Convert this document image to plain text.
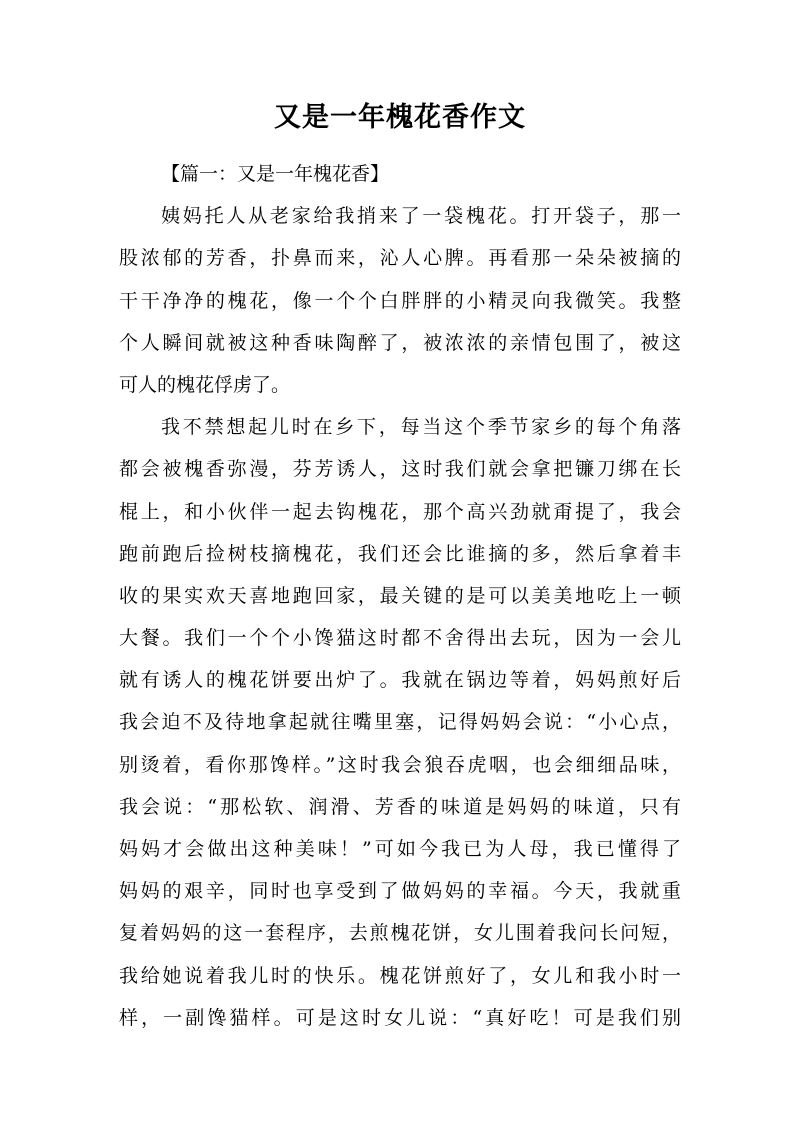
又是一年槐花香作文
【篇一：又是一年槐花香】
姨妈托人从老家给我捎来了一袋槐花。打开袋子，那一
股浓郁的芳香，扑鼻而来，沁人心脾。再看那一朵朵被摘的
干干净净的槐花，像一个个白胖胖的小精灵向我微笑。我整
个人瞬间就被这种香味陶醉了，被浓浓的亲情包围了，被这
可人的槐花俘虏了。
我不禁想起儿时在乡下，每当这个季节家乡的每个角落
都会被槐香弥漫，芬芳诱人，这时我们就会拿把镰刀绑在长
棍上，和小伙伴一起去钩槐花，那个高兴劲就甭提了，我会
跑前跑后捡树枝摘槐花，我们还会比谁摘的多，然后拿着丰
收的果实欢天喜地跑回家，最关键的是可以美美地吃上一顿
大餐。我们一个个小馋猫这时都不舍得出去玩，因为一会儿
就有诱人的槐花饼要出炉了。我就在锅边等着，妈妈煎好后
我会迫不及待地拿起就往嘴里塞，记得妈妈会说：“小心点，
别烫着，看你那馋样。”这时我会狼吞虎咽，也会细细品味，
我会说：“那松软、润滑、芳香的味道是妈妈的味道，只有
妈妈才会做出这种美味！”可如今我已为人母，我已懂得了
妈妈的艰辛，同时也享受到了做妈妈的幸福。今天，我就重
复着妈妈的这一套程序，去煎槐花饼，女儿围着我问长问短，
我给她说着我儿时的快乐。槐花饼煎好了，女儿和我小时一
样，一副馋猫样。可是这时女儿说：“真好吃！可是我们别
